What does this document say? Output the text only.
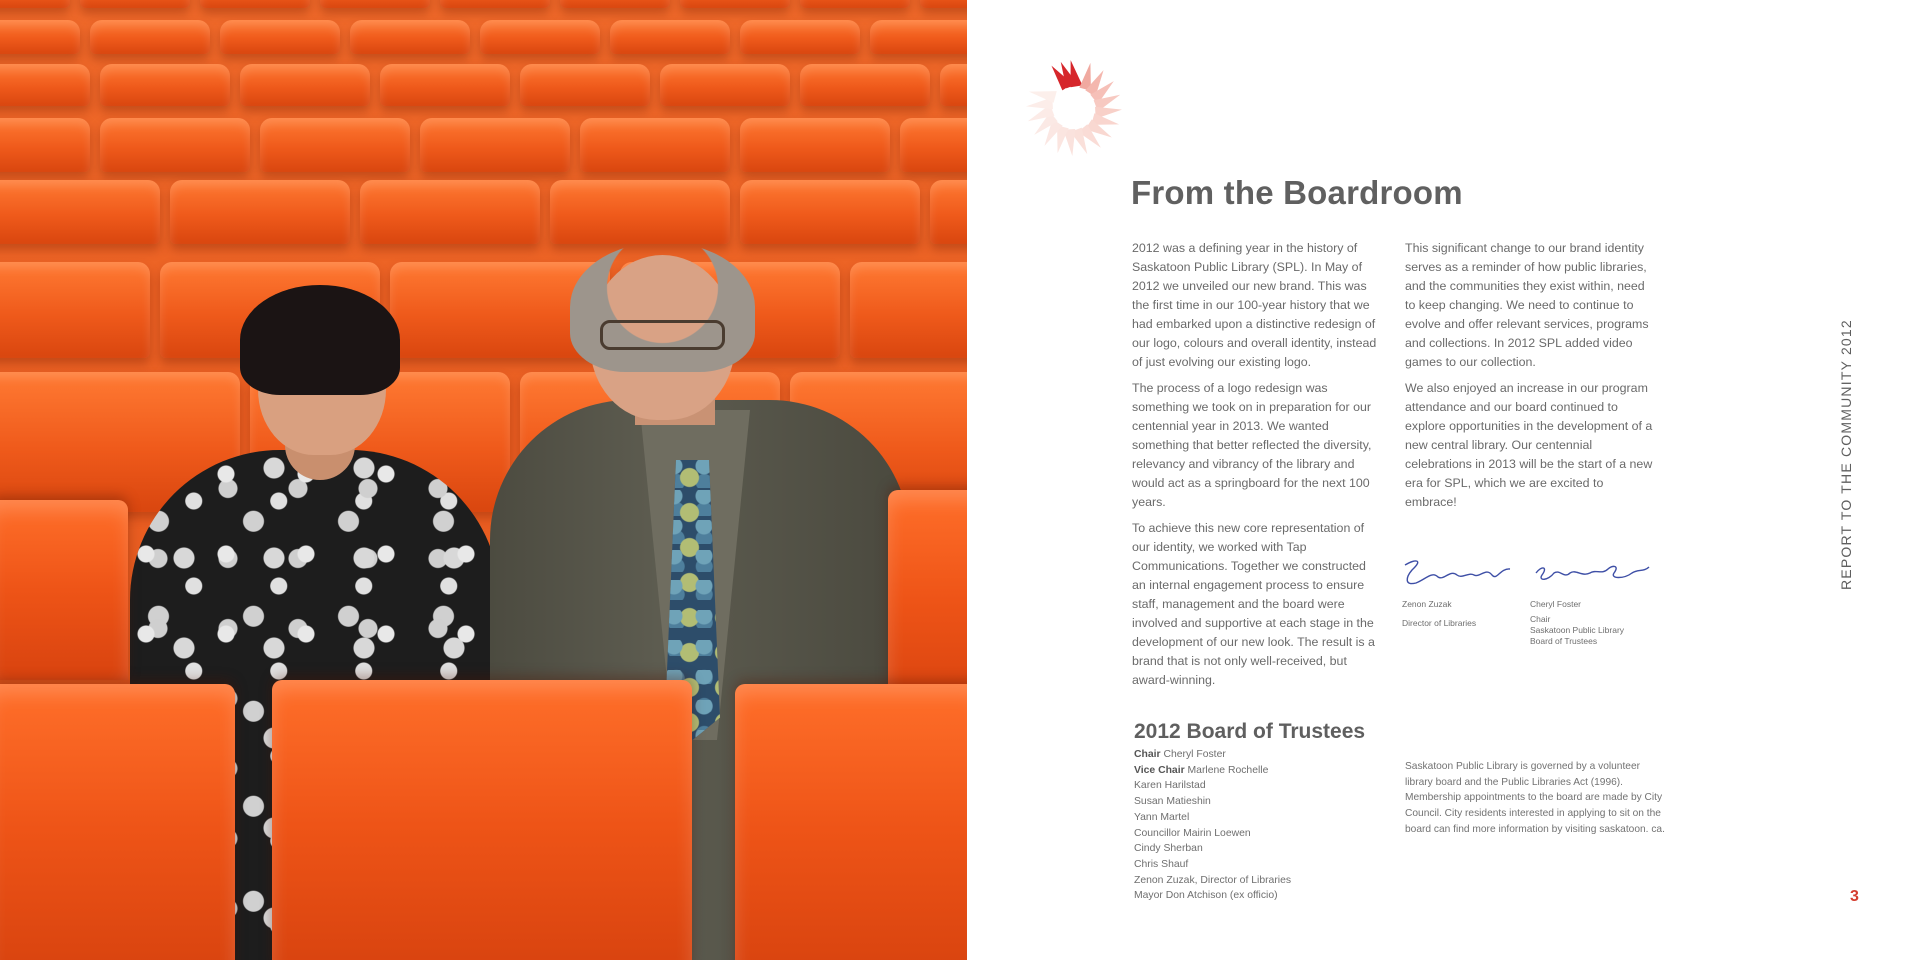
From the Boardroom

2012 was a defining year in the history of Saskatoon Public Library (SPL). In May of 2012 we unveiled our new brand. This was the first time in our 100-year history that we had embarked upon a distinctive redesign of our logo, colours and overall identity, instead of just evolving our existing logo.

The process of a logo redesign was something we took on in preparation for our centennial year in 2013. We wanted something that better reflected the diversity, relevancy and vibrancy of the library and would act as a springboard for the next 100 years.

To achieve this new core representation of our identity, we worked with Tap Communications. Together we constructed an internal engagement process to ensure staff, management and the board were involved and supportive at each stage in the development of our new look. The result is a brand that is not only well-received, but award-winning.

This significant change to our brand identity serves as a reminder of how public libraries, and the communities they exist within, need to keep changing. We need to continue to evolve and offer relevant services, programs and collections. In 2012 SPL added video games to our collection.

We also enjoyed an increase in our program attendance and our board continued to explore opportunities in the development of a new central library. Our centennial celebrations in 2013 will be the start of a new era for SPL, which we are excited to embrace!

Zenon Zuzak
Director of Libraries
Cheryl Foster
Chair
Saskatoon Public Library
Board of Trustees
2012 Board of Trustees
Chair Cheryl Foster
Vice Chair Marlene Rochelle
Karen Harilstad
Susan Matieshin
Yann Martel
Councillor Mairin Loewen
Cindy Sherban
Chris Shauf
Zenon Zuzak, Director of Libraries
Mayor Don Atchison (ex officio)
Saskatoon Public Library is governed by a volunteer library board and the Public Libraries Act (1996). Membership appointments to the board are made by City Council. City residents interested in applying to sit on the board can find more information by visiting saskatoon. ca.
REPORT TO THE COMMUNITY 2012
3
